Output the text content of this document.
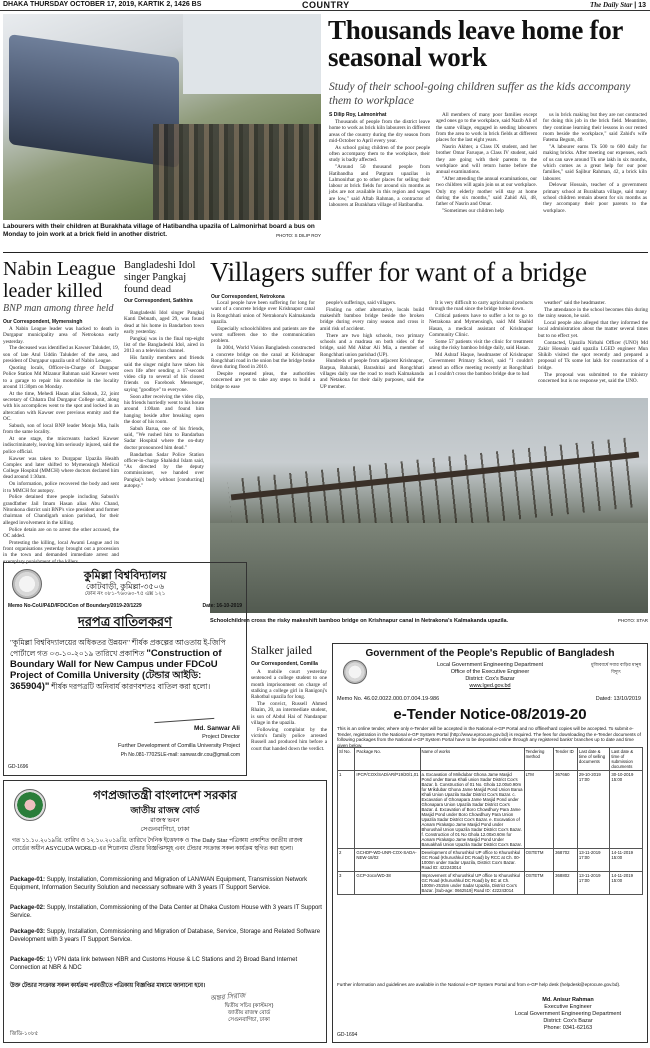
DHAKA THURSDAY OCTOBER 17, 2019, KARTIK 2, 1426 BS	COUNTRY	The Daily Star | 13
Labourers with their children at Burakhata village of Hatibandha upazila of Lalmonirhat board a bus on Monday to join work at a brick field in another district.	PHOTO: S DILIP ROY
Thousands leave home for seasonal work
Study of their school-going children suffer as the kids accompany them to workplace
S Dilip Roy, Lalmonirhat

Thousands of people from the district leave home to work as brick kiln labourers in different areas of the country during the dry season from mid-October to April every year.

As school going children of the poor people often accompany them to the workplace, their study is badly affected.

"Around 50 thousand people from Hatibandha and Patgram upazilas in Lalmonirhat go to other places for selling their labour at brick fields for around six months as jobs are not available in this region and wages are low," said Aftab Rahman, a contractor of labourers at Burakhata village of Hatibandha.

All members of many poor families except aged ones go to the workplace, said Nazib Ali of the same village, engaged in sending labourers from the area to work in brick fields at different places for the last eight years.

Nasrin Akhter, a Class IX student, and her brother Omar Faruque, a Class IV student, said they are going with their parents to the workplace and will return home before the annual examinations.

"After attending the annual examinations, our two children will again join us at our workplace. Only my elderly mother will stay at home during the six months," said Zahid Ali, 48, father of Nasrin and Omar.

"Sometimes our children help

us in brick making but they are not contracted for doing this job in the brick field. Meantime, they continue learning their lessons in our rented room beside the workplace," said Zahid's wife Fatema Begum, 40.

"A labourer earns Tk 500 to 600 daily for making bricks. After meeting our expenses, each of us can save around Tk one lakh in six months, which comes as a great help for our poor families," said Sajibur Rahman, 42, a brick kiln labourer.

Delowar Hossain, teacher of a government primary school at Burakhata village, said many school children remain absent for six months as they accompany their poor parents to the workplace.

Nabin League leader killed
BNP man among three held
Our Correspondent, Mymensingh

A Nabin League leader was hacked to death in Durgapur municipality area of Netrokona early yesterday.

The deceased was identified as Kawser Talukder, 19, son of late Atul Uddin Talukder of the area, and president of Durgapur upazila unit of Nabin League.

Quoting locals, Officer-in-Charge of Durgapur Police Station Md Mizanur Rahman said Kawser went to a garage to repair his motorbike in the locality around 11:30pm on Monday.

At the time, Mehedi Hasan alias Sabush, 22, joint secretary of Chhatra Dal Durgapur College unit, along with his accomplices went to the spot and locked in an altercation with Kawser over previous enmity and the OC.

Sabush, son of local BNP leader Monju Mia, hails from the same locality.

At one stage, the miscreants hacked Kawser indiscriminately, leaving him seriously injured, said the police official.

Kawser was taken to Durgapur Upazila Health Complex and later shifted to Mymensingh Medical College Hospital (MMCH) where doctors declared him dead around 1:30am.

On information, police recovered the body and sent it to MMCH for autopsy.

Police detained three people including Sabush's grandfather Jail Imam Hasan alias Abu Chand, Nitonkona district unit BNP's vice president and former chairman of Chandigarh union parishad, for their alleged involvement in the killing.

Police detain are on to arrest the other accused, the OC added.

Protesting the killing, local Awami League and its front organisations yesterday brought out a procession in the town and demanded immediate arrest and exemplary punishment of the killers.

Bangladeshi Idol singer Pangkaj found dead
Our Correspondent, Satkhira

Bangladeshi Idol singer Pangkaj Kanti Debnath, aged 29, was found dead at his home in Bandarbon town early yesterday.

Pangkaj was in the final top-eight list of the Bangladeshi Idol, aired in 2013 on a television channel.

His family members and friends said the singer might have taken his own life after sending a 17-second video clip to several of his closest friends on Facebook Messenger, saying "goodbye" to everyone.

Soon after receiving the video clip, his friends hurriedly went to his house around 1:00am and found him hanging beside after breaking open the door of his room.

Sabuh Barua, one of his friends, said, "We rushed him to Bandarban Sadar Hospital where the on-duty doctor pronounced him dead."

Bandarban Sadar Police Station officer-in-charge Shahidul Islam said, "As directed by the deputy commissioner, we handed over Pangkaj's body without [conducting] autopsy."

Villagers suffer for want of a bridge
Our Correspondent, Netrokona

Local people have been suffering for long for want of a concrete bridge over Krishnapur canal in Rongchhati union of Netrakona's Kalmakanda upazila.

Especially schoolchildren and patients are the worst sufferers due to the communication problem.

In 2004, World Vision Bangladesh constructed a concrete bridge on the canal at Krishnapur Rongchhati road in the union but the bridge broke down during flood in 2010.

Despite repeated pleas, the authorities concerned are yet to take any steps to build a bridge to ease

people's sufferings, said villagers.

Finding no other alternative, locals build makeshift bamboo bridge beside the broken bridge during every rainy season and cross it amid risk of accident.

There are two high schools, two primary schools and a madrasa on both sides of the bridge, said Md Akbar Ali Mia, a member of Rongchhati union parishad (UP).

Hundreds of people from adjacent Krishnapur, Barpua, Baharaki, Barashitai and Rongchhati villages daily use the road to reach Kalmakanda and Netakona for their daily purposes, said the UP member.

It is very difficult to carry agricultural products through the road since the bridge broke down.

Critical patients have to suffer a lot to go to Netrakona and Mymensingh, said Md Shahid Hasan, a medical assistant of Krishnapur Community Clinic.

Some 57 patients visit the clinic for treatment using the risky bamboo bridge daily, said Hasan.

Md Ashraf Haque, headmaster of Krishnapur Government Primary School, said "I couldn't attend an office meeting recently at Rongchhati as I couldn't cross the bamboo bridge due to bad

weather" said the headmaster.

The attendance in the school becomes thin during the rainy season, he said.

Local people also alleged that they informed the local administration about the matter several times but to no effect yet.

Contacted, Upazila Nirbahi Officer (UNO) Md Zakir Hossain said upazila LGED engineer Mun Shikib visited the spot recently and prepared a proposal of Tk some lot lakh for construction of a bridge.

The proposal was submitted to the ministry concerned but is no response yet, said the UNO.

Schoolchildren cross the risky makeshift bamboo bridge on Krishnapur canal in Netrakona's Kalmakanda upazila.	PHOTO: STAR
কুমিল্লা বিশ্ববিদ্যালয়
কোটবাড়ী, কুমিল্লা-৩৫০৬
ফোন নং ০৮১-৭৬০৬০-৭৫ এক্স ১২১
Memo No-CoU/P&D/IFDC/Con of Boundary/2019-20/1229	Date: 16-10-2019
দরপত্র বাতিলকরণ
"কুমিল্লা বিশ্ববিদ্যালয়ের অধিকতর উন্নয়ন" শীর্ষক প্রকল্পের আওতায় ই-জিপি পোর্টালে গত ০৩-১০-২০১৯ তারিখে প্রকাশিত "Construction of Boundary Wall for New Campus under FDCoU Project of Comilla University (টেন্ডার আইডি: 365904)" শীর্ষক দরপত্রটি অনিবার্য কারণবশতঃ বাতিল করা হলো।
Md. Sanwar Ali
Project Director
Further Development of Comilla University Project
Ph No.081-7702SLE-mail: sanwar.dir.cou@gmail.com
GD-1696
Stalker jailed
Our Correspondent, Comilla

A mobile court yesterday sentenced a college student to one month imprisonment on charge of stalking a college girl in Ranigonj's Rahotbal upazila for long.

The convict, Russell Ahmed Rhaim, 20, an intermediate student, is son of Abdul Hai of Nandanpur village in the upazila.

Following complaint by the victim's family police arrested Russell and produced him before a court that handed down the verdict.

Government of the People's Republic of Bangladesh
Local Government Engineering Department
Office of the Executive Engineer
District: Cox's Bazar
www.lged.gov.bd
মুজিববর্ষে সবার বাড়ির মানুষ বিদ্যুৎ
Memo No. 46.02.0022.000.07.004.19-986	Dated: 13/10/2019
e-Tender Notice-08/2019-20
This is an online tender, where only e-Tender will be accepted in the National e-GP Portal and no offline/hard copies will be accepted. To submit e-Tender, registration in the National e-GP System Portal (http://www.eprocure.gov.bd) is required. The fees for downloading the e-Tender documents of following packages from the National e-GP System Portal have to be deposited online through any registered banks' branches up to date and time given below.
Sl No.	Package No.	Name of works	Tendering method	Tender ID	Last date & time of selling documents	Last date & time of submission documents
1	IPCP/COX/SAD/AR/P19/20/1,01	a. Excavation of Mrikdubar Ghona Jame Masjid Pond under Barua Khali union Sadar District Cox's Bazar. b. Construction of 01 No. Ghola 12.00x0.90m for Mrikdubar Ghona Jame Masjid Pond Union Barua Khali Union Upazila Sadar District Cox's Bazar. c. Excavation of Ghonapara Jame Masjid Pond under Ghonapara Union Upazila Sadar District Cox's Bazar. d. Excavation of Boro Chowdhury Para Jame Masjid Pond under Boro Chowdhury Para Union Upazila Sadar District Cox's Bazar. e. Excavation of Aonam Pirakatpo Jame Masjid Pond under Bhorushail Union Upazila Sadar District Cox's Bazar. f. Construction of 01 No Ghola 12.00x0.60m for Aonam Pirakatpo Jame Masjid Pond Under Baruakhali Union Upazila Sadar District Cox's Bazar.	LTM	367660	29-10-2019 17:00	30-10-2019 15:00
2	GCHDP-WD-UNR-COX-SADA-NEW-18/02	Development of Khurushkul UP office to Khurushkul GC Road (Khurushkul DC Road) by RCC at Ch. 00-1000m under Sadar Upazila, District Cox's Bazar. Road ID: 422243014	OSTETM	368702	13-11-2019 17:00	14-11-2019 15:00
3	GCP-2ocx/WD-38	Improvement of Khurushkul UP office to Khurushkul GC Road (Khurushkul DC Road) by BC at Ch. 1000m-2515m under Sadar Upazila, District Cox's Bazar. [Sub-age: 0662519] Road ID: 422243014	OSTETM	368802	13-11-2019 17:00	14-11-2019 15:00
Further information and guidelines are available in the National e-GP System Portal and from e-GP help desk (helpdesk@eprocure.gov.bd).
Md. Anisur Rahman
Executive Engineer
Local Government Engineering Department
District: Cox's Bazar
Phone: 0341-62163
GD-1694
গণপ্রজাতন্ত্রী বাংলাদেশ সরকার
জাতীয় রাজস্ব বোর্ড
রাজস্ব ভবন
সেগুনবাগিচা, ঢাকা
গত ১১.১০.২০১৯খ্রি. তারিখ ও ১২.১০.২০১৯খ্রি. তারিখে দৈনিক ইত্তেফাক ও The Daily Star পত্রিকায় প্রকাশিত জাতীয় রাজস্ব বোর্ডের অধীন ASYCUDA WORLD এর শিরোনাম টেন্ডার বিজ্ঞপ্তিসমূহ এবং টেন্ডার সংক্রান্ত সকল কার্যক্রম স্থগিত করা হলো।
Package-01: Supply, Installation, Commissioning and Migration of LAN/WAN Equipment, Transmission Network Equipment, Information Security Solution and necessary software with 3 years IT Support Service.
Package-02: Supply, Installation, Commissioning of the Data Center at Dhaka Custom House with 3 years IT Support Service.
Package-03: Supply, Installation, Commissioning and Migration of Database, Service, Storage and Related Software Development with 3 years IT Support Service.
Package-05: 1) VPN data link between NBR and Customs House & LC Stations and 2) Broad Band Internet Connection at NBR & NDC
উক্ত টেন্ডার সংক্রান্ত সকল কার্যক্রম পরবর্তীতে পত্রিকায় বিজ্ঞপ্তির মাধ্যমে জানানো হবে।
অন্তর সিরাজ
দ্বিতীয় সচিব (কাস্টমস)
জাতীয় রাজস্ব বোর্ড
সেগুনবাগিচা, ঢাকা
জিডি-১০৮৫
